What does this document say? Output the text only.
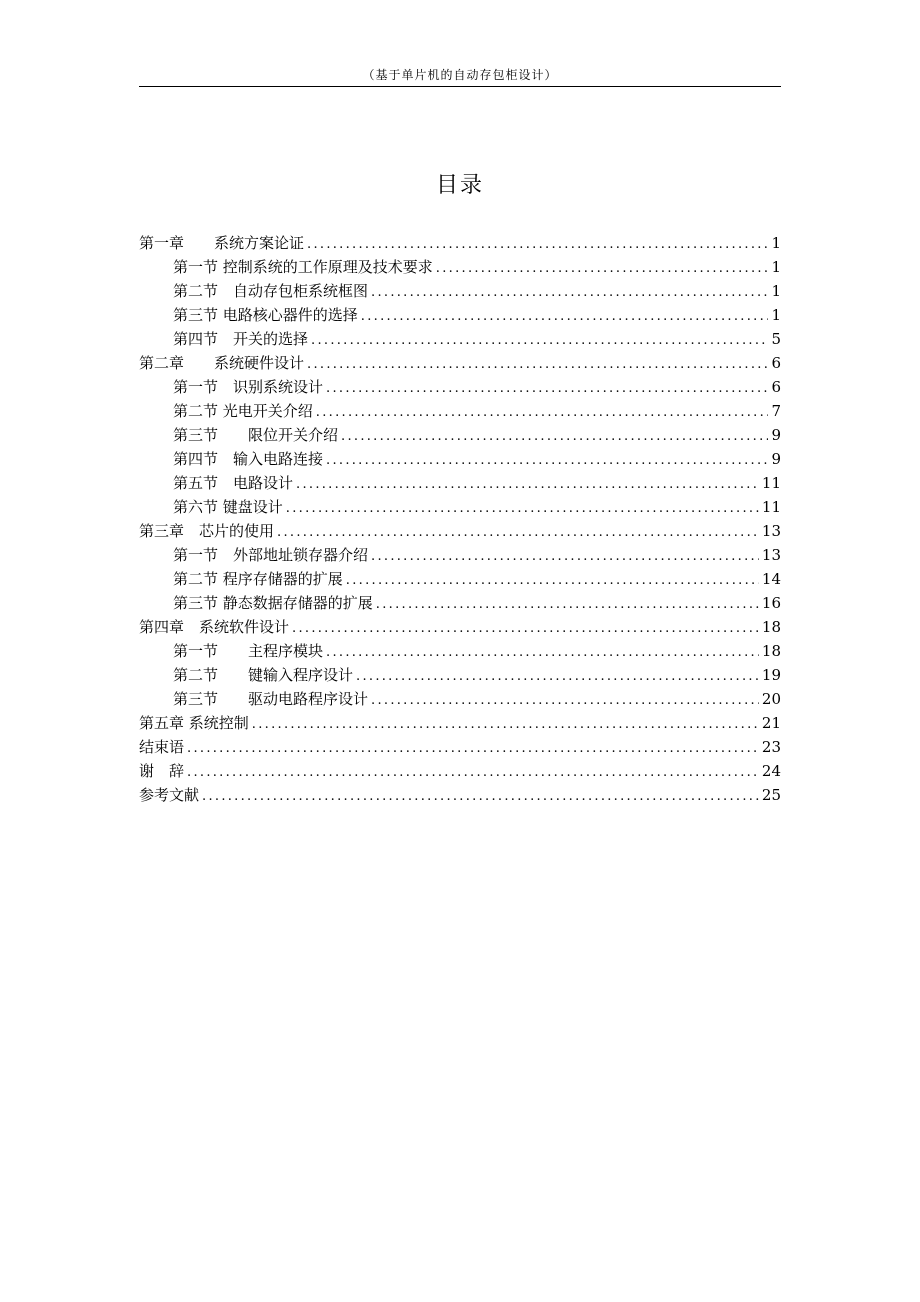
（基于单片机的自动存包柜设计）
目录
第一章　　系统方案论证 .....	1
第一节 控制系统的工作原理及技术要求 .....	1
第二节　自动存包柜系统框图 .....	1
第三节 电路核心器件的选择 .....	1
第四节　开关的选择 .....	5
第二章　　系统硬件设计 .....	6
第一节　识别系统设计 .....	6
第二节 光电开关介绍 .....	7
第三节　　限位开关介绍 .....	9
第四节　输入电路连接 .....	9
第五节　电路设计 .....	11
第六节 键盘设计 .....	11
第三章　芯片的使用 .....	13
第一节　外部地址锁存器介绍 .....	13
第二节 程序存储器的扩展 .....	14
第三节 静态数据存储器的扩展 .....	16
第四章　系统软件设计 .....	18
第一节　　主程序模块 .....	18
第二节　　键输入程序设计 .....	19
第三节　　驱动电路程序设计 .....	20
第五章 系统控制 .....	21
结束语 .....	23
谢　辞 .....	24
参考文献 .....	25
